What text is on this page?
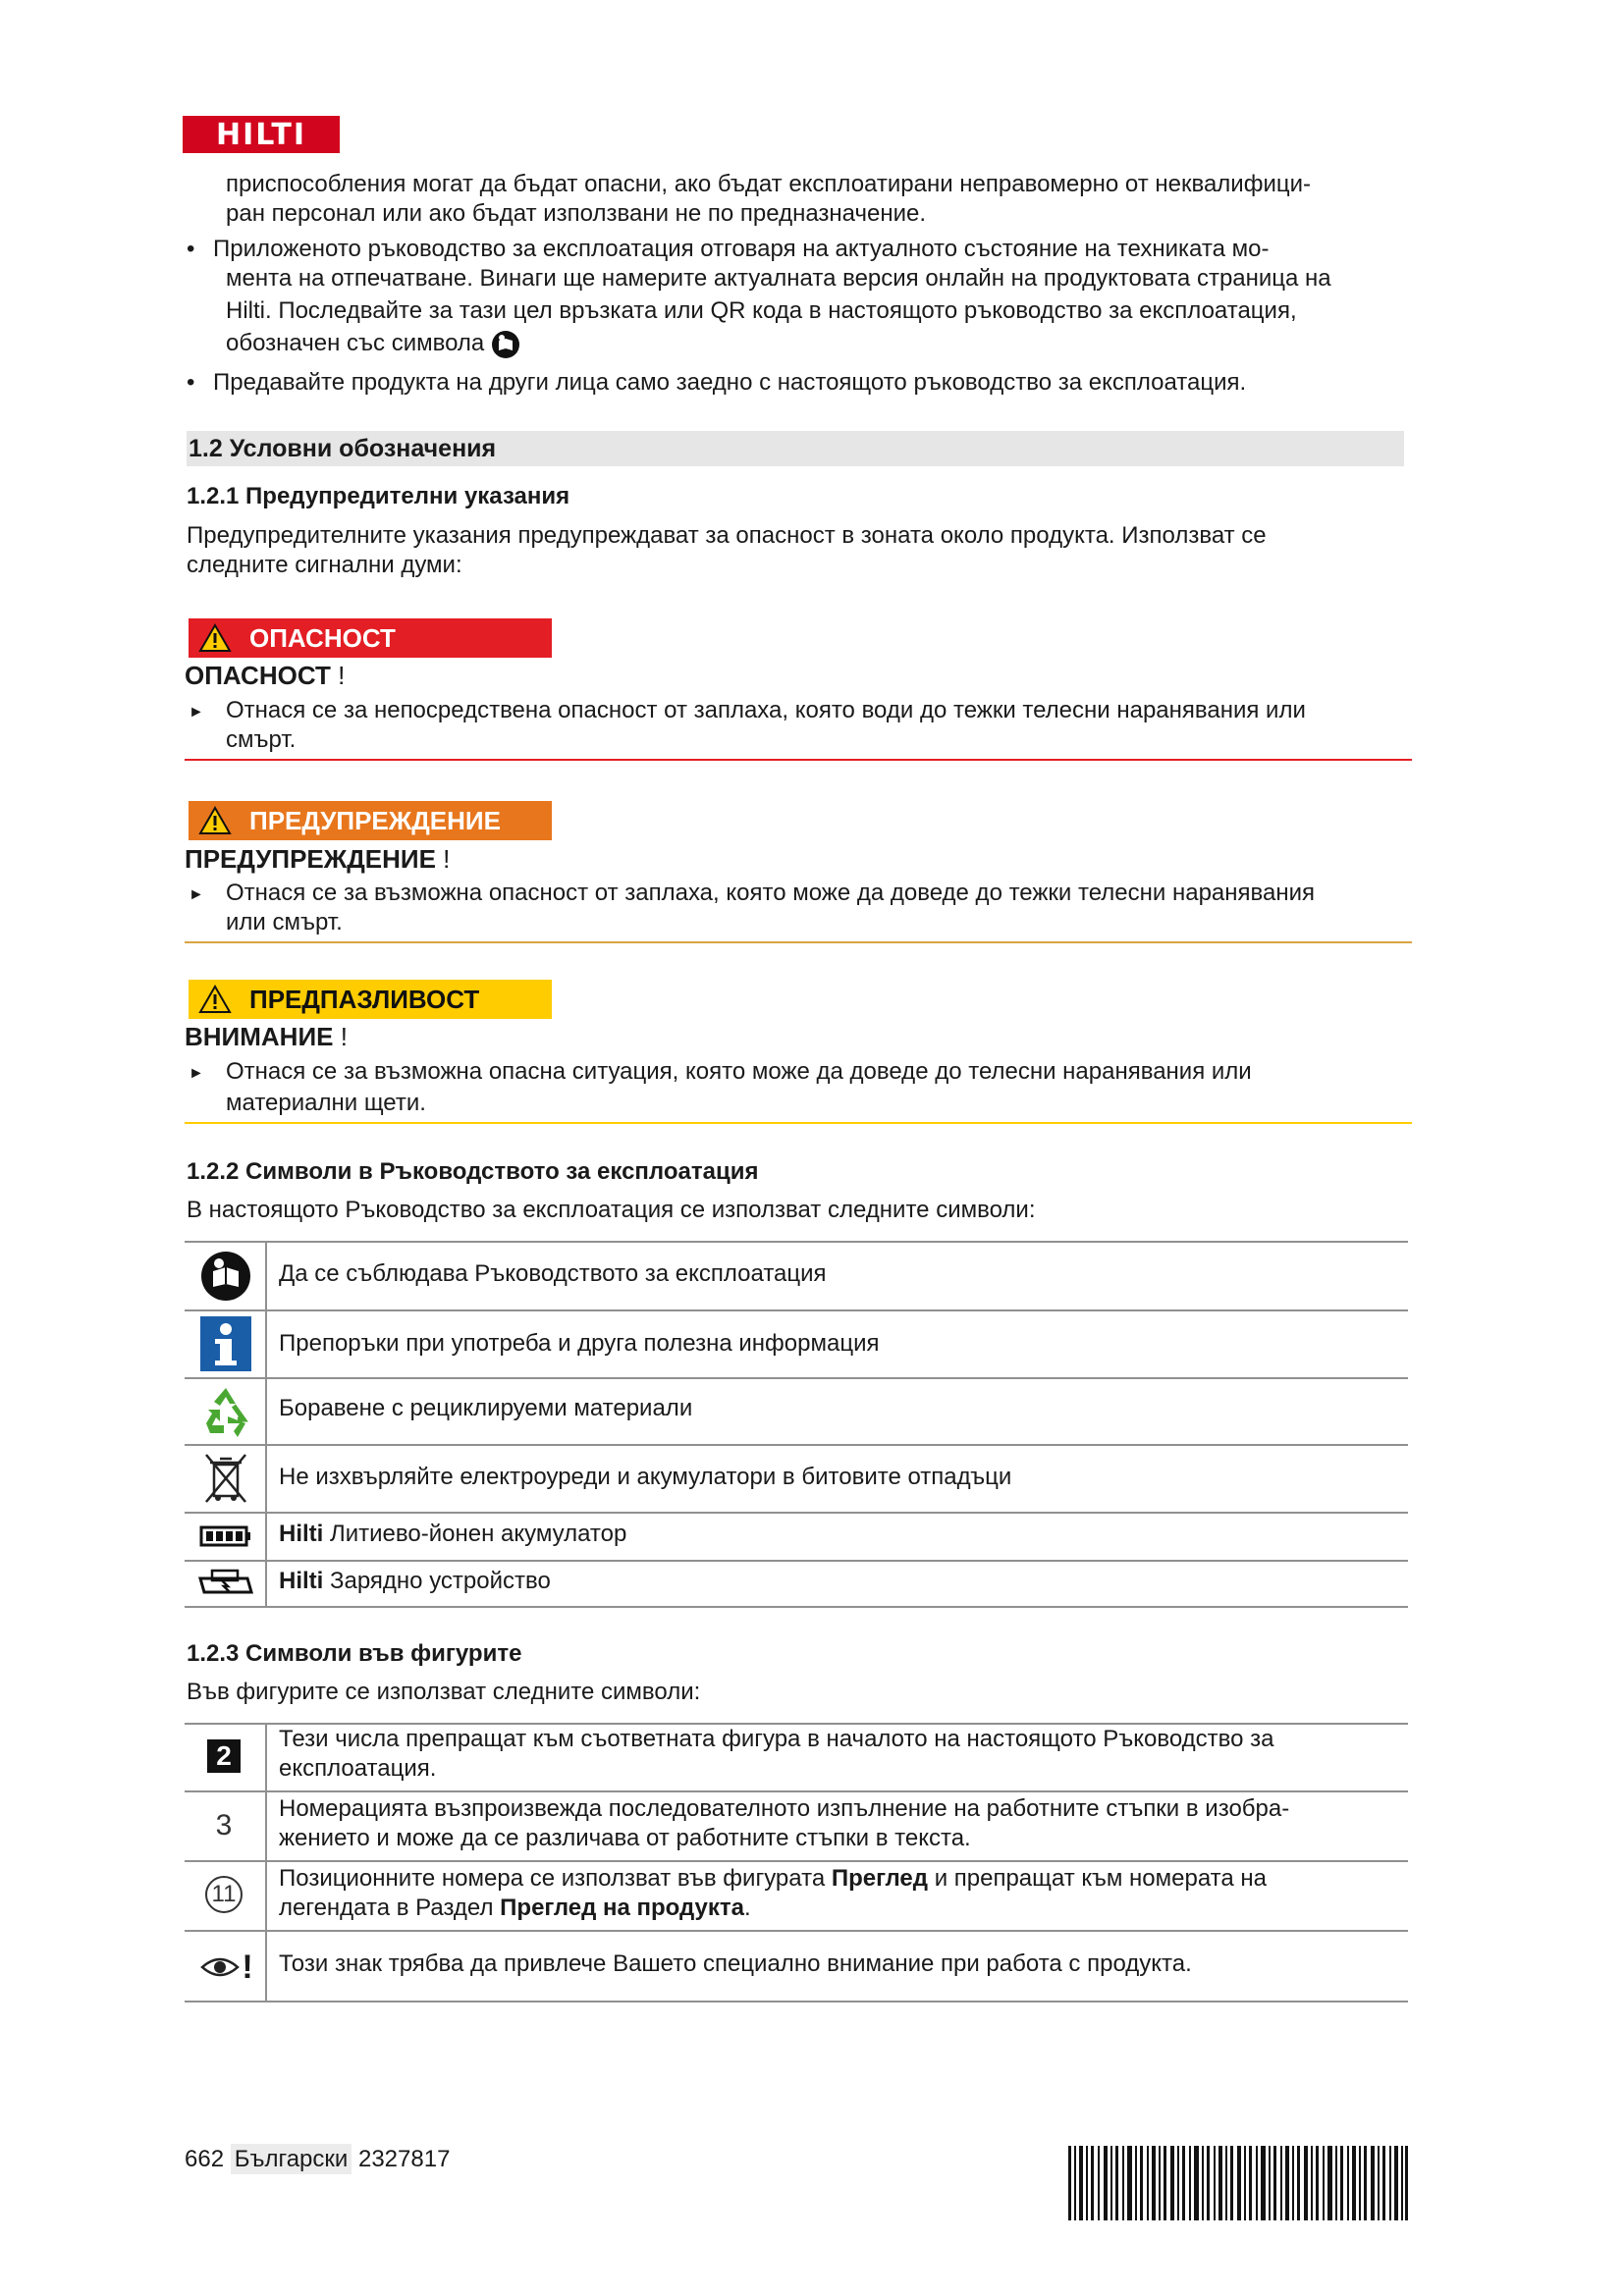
HILTI
приспособления могат да бъдат опасни, ако бъдат експлоатирани неправомерно от неквалифици-
ран персонал или ако бъдат използвани не по предназначение.
• Приложеното ръководство за експлоатация отговаря на актуалното състояние на техниката мо-
мента на отпечатване. Винаги ще намерите актуалната версия онлайн на продуктовата страница на
Hilti. Последвайте за тази цел връзката или QR кода в настоящото ръководство за експлоатация,
обозначен със символа
• Предавайте продукта на други лица само заедно с настоящото ръководство за експлоатация.
1.2 Условни обозначения
1.2.1 Предупредителни указания
Предупредителните указания предупреждават за опасност в зоната около продукта. Използват се
следните сигнални думи:
ОПАСНОСТ
ОПАСНОСТ !
► Отнася се за непосредствена опасност от заплаха, която води до тежки телесни наранявания или
смърт.
ПРЕДУПРЕЖДЕНИЕ
ПРЕДУПРЕЖДЕНИЕ !
► Отнася се за възможна опасност от заплаха, която може да доведе до тежки телесни наранявания
или смърт.
ПРЕДПАЗЛИВОСТ
ВНИМАНИЕ !
► Отнася се за възможна опасна ситуация, която може да доведе до телесни наранявания или
материални щети.
1.2.2 Символи в Ръководството за експлоатация
В настоящото Ръководство за експлоатация се използват следните символи:
Да се съблюдава Ръководството за експлоатация
Препоръки при употреба и друга полезна информация
Боравене с рециклируеми материали
Не изхвърляйте електроуреди и акумулатори в битовите отпадъци
Hilti Литиево-йонен акумулатор
Hilti Зарядно устройство
1.2.3 Символи във фигурите
Във фигурите се използват следните символи:
2
Тези числа препращат към съответната фигура в началото на настоящото Ръководство за
експлоатация.
3
Номерацията възпроизвежда последователното изпълнение на работните стъпки в изобра-
жението и може да се различава от работните стъпки в текста.
11
Позиционните номера се използват във фигурата Преглед и препращат към номерата на
легендата в Раздел Преглед на продукта.
! Този знак трябва да привлече Вашето специално внимание при работа с продукта.
662 Български 2327817
